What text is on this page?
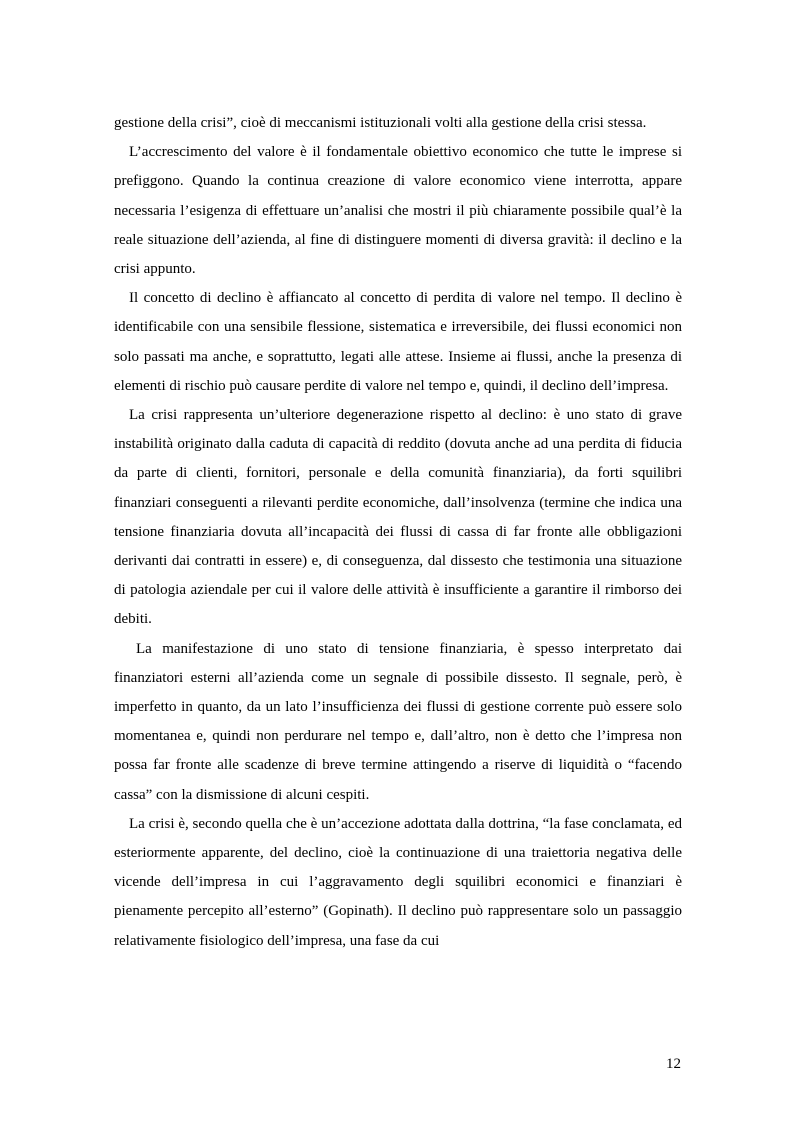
gestione della crisi”, cioè di meccanismi istituzionali volti alla gestione della crisi stessa.

L’accrescimento del valore è il fondamentale obiettivo economico che tutte le imprese si prefiggono. Quando la continua creazione di valore economico viene interrotta, appare necessaria l’esigenza di effettuare un’analisi che mostri il più chiaramente possibile qual’è la reale situazione dell’azienda, al fine di distinguere momenti di diversa gravità: il declino e la crisi appunto.

Il concetto di declino è affiancato al concetto di perdita di valore nel tempo. Il declino è identificabile con una sensibile flessione, sistematica e irreversibile, dei flussi economici non solo passati ma anche, e soprattutto, legati alle attese. Insieme ai flussi, anche la presenza di elementi di rischio può causare perdite di valore nel tempo e, quindi, il declino dell’impresa.

La crisi rappresenta un’ulteriore degenerazione rispetto al declino: è uno stato di grave instabilità originato dalla caduta di capacità di reddito (dovuta anche ad una perdita di fiducia da parte di clienti, fornitori, personale e della comunità finanziaria), da forti squilibri finanziari conseguenti a rilevanti perdite economiche, dall’insolvenza (termine che indica una tensione finanziaria dovuta all’incapacità dei flussi di cassa di far fronte alle obbligazioni derivanti dai contratti in essere) e, di conseguenza, dal dissesto che testimonia una situazione di patologia aziendale per cui il valore delle attività è insufficiente a garantire il rimborso dei debiti.

La manifestazione di uno stato di tensione finanziaria, è spesso interpretato dai finanziatori esterni all’azienda come un segnale di possibile dissesto. Il segnale, però, è imperfetto in quanto, da un lato l’insufficienza dei flussi di gestione corrente può essere solo momentanea e, quindi non perdurare nel tempo e, dall’altro, non è detto che l’impresa non possa far fronte alle scadenze di breve termine attingendo a riserve di liquidità o “facendo cassa” con la dismissione di alcuni cespiti.

La crisi è, secondo quella che è un’accezione adottata dalla dottrina, “la fase conclamata, ed esteriormente apparente, del declino, cioè la continuazione di una traiettoria negativa delle vicende dell’impresa in cui l’aggravamento degli squilibri economici e finanziari è pienamente percepito all’esterno” (Gopinath). Il declino può rappresentare solo un passaggio relativamente fisiologico dell’impresa, una fase da cui

12
